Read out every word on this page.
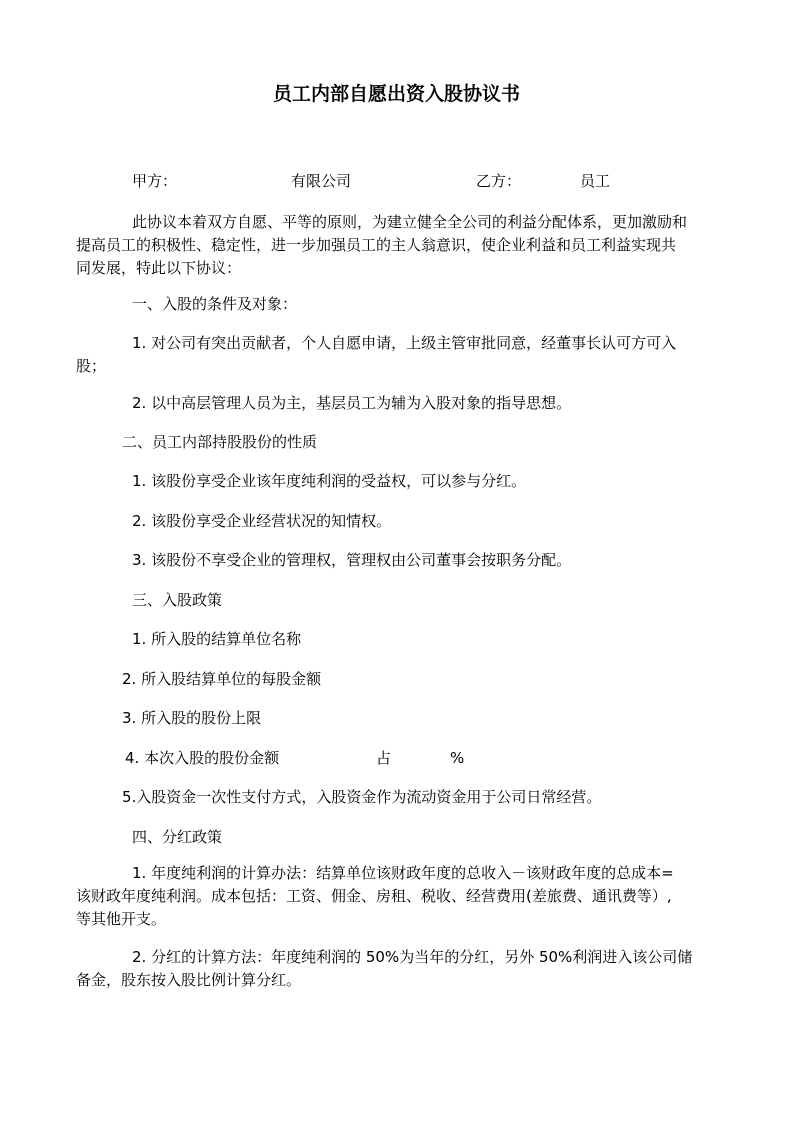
员工内部自愿出资入股协议书
甲方：	有限公司	乙方：	员工
此协议本着双方自愿、平等的原则，为建立健全全公司的利益分配体系，更加激励和
提高员工的积极性、稳定性，进一步加强员工的主人翁意识，使企业利益和员工利益实现共
同发展，特此以下协议：
一、入股的条件及对象：
1. 对公司有突出贡献者，个人自愿申请，上级主管审批同意，经董事长认可方可入
股；
2. 以中高层管理人员为主，基层员工为辅为入股对象的指导思想。
二、员工内部持股股份的性质
1. 该股份享受企业该年度纯利润的受益权，可以参与分红。
2. 该股份享受企业经营状况的知情权。
3. 该股份不享受企业的管理权，管理权由公司董事会按职务分配。
三、入股政策
1. 所入股的结算单位名称
2. 所入股结算单位的每股金额
3. 所入股的股份上限
4. 本次入股的股份金额	占	%
5.入股资金一次性支付方式，入股资金作为流动资金用于公司日常经营。
四、分红政策
1. 年度纯利润的计算办法：结算单位该财政年度的总收入－该财政年度的总成本=
该财政年度纯利润。成本包括：工资、佣金、房租、税收、经营费用(差旅费、通讯费等）,
等其他开支。
2. 分红的计算方法：年度纯利润的 50%为当年的分红，另外 50%利润进入该公司储
备金，股东按入股比例计算分红。
